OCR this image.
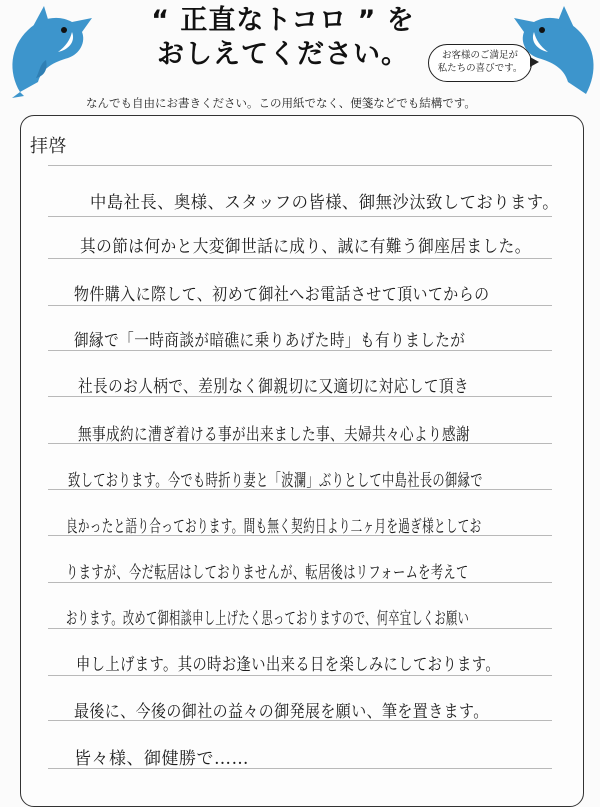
“ 正直なトコロ ” を
おしえてください。	お客様のご満足が
私たちの喜びです。
なんでも自由にお書きください。この用紙でなく、便箋などでも結構です。
拝啓
中島社長、奥様、スタッフの皆様、御無沙汰致しております。
其の節は何かと大変御世話に成り、誠に有難う御座居ました。
物件購入に際して、初めて御社へお電話させて頂いてからの
御縁で「一時商談が暗礁に乗りあげた時」も有りましたが
社長のお人柄で、差別なく御親切に又適切に対応して頂き
無事成約に漕ぎ着ける事が出来ました事、夫婦共々心より感謝
致しております。今でも時折り妻と「波瀾」ぶりとして中島社長の御縁で
良かったと語り合っております。間も無く契約日より二ヶ月を過ぎ様としてお
りますが、今だ転居はしておりませんが、転居後はリフォームを考えて
おります。改めて御相談申し上げたく思っておりますので、何卒宜しくお願い
申し上げます。其の時お逢い出来る日を楽しみにしております。
最後に、今後の御社の益々の御発展を願い、筆を置きます。
皆々様、御健勝で……
